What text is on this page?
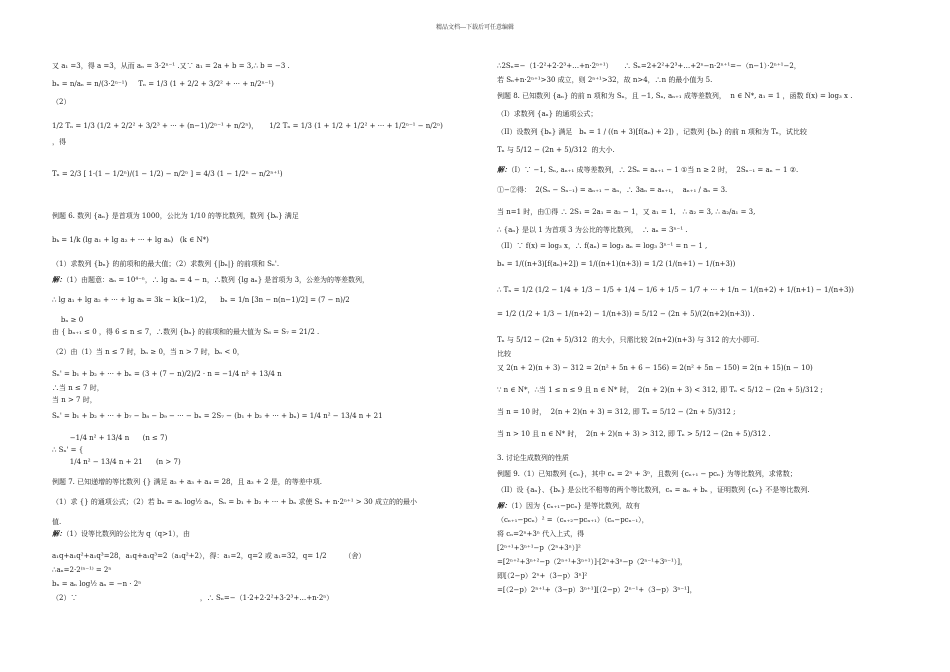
精品文档---下载后可任意编辑
又 a₁ =3，得 a =3，从而 aₙ = 3·2ⁿ⁻¹ .又∵ a₁ = 2a + b = 3,∴ b = −3 .
bₙ = n/aₙ = n/(3·2ⁿ⁻¹)     Tₙ = 1/3 (1 + 2/2 + 3/2² + ··· + n/2ⁿ⁻¹)
（2）
1/2 Tₙ = 1/3 (1/2 + 2/2² + 3/2³ + ··· + (n−1)/2ⁿ⁻¹ + n/2ⁿ)，     1/2 Tₙ = 1/3 (1 + 1/2 + 1/2² + ··· + 1/2ⁿ⁻¹ − n/2ⁿ)
，得
Tₙ = 2/3 [ 1·(1 − 1/2ⁿ)/(1 − 1/2) − n/2ⁿ ] = 4/3 (1 − 1/2ⁿ − n/2ⁿ⁺¹)
例题 6. 数列 {aₙ} 是首项为 1000，公比为 1/10 的等比数列，数列 {bₙ} 满足
bₖ = 1/k (lg a₁ + lg a₂ + ··· + lg aₖ)   (k ∈ N*)
（1）求数列 {bₙ} 的前项和的最大值；（2）求数列 {|bₙ|} 的前项和 Sₙ'.
解：（1）由题意：aₙ = 10⁴⁻ⁿ，∴ lg aₙ = 4 − n，∴数列 {lg aₙ} 是首项为 3，公差为的等差数列，
∴ lg a₁ + lg a₂ + ··· + lg aₖ = 3k − k(k−1)/2，    bₙ = 1/n [3n − n(n−1)/2] = (7 − n)/2
bₙ ≥ 0
由 { bₙ₊₁ ≤ 0 ，得 6 ≤ n ≤ 7，∴数列 {bₙ} 的前项和的最大值为 S₆ = S₇ = 21/2 .
（2）由（1）当 n ≤ 7 时，bₙ ≥ 0，当 n > 7 时，bₙ < 0，
Sₙ' = b₁ + b₂ + ··· + bₙ = (3 + (7 − n)/2)/2 · n = −1/4 n² + 13/4 n
∴当 n ≤ 7 时，
当 n > 7 时，
Sₙ' = b₁ + b₂ + ··· + b₇ − b₈ − b₉ − ··· − bₙ = 2S₇ − (b₁ + b₂ + ··· + bₙ) = 1/4 n² − 13/4 n + 21
−1/4 n² + 13/4 n      (n ≤ 7)
∴ Sₙ' = {
1/4 n² − 13/4 n + 21      (n > 7)
例题 7. 已知递增的等比数列 {} 满足 a₂ + a₃ + a₄ = 28，且 a₃ + 2 是，的等差中项.
（1）求 {} 的通项公式；（2）若 bₙ = aₙ log½ aₙ，Sₙ = b₁ + b₂ + ··· + bₙ 求使 Sₙ + n·2ⁿ⁺¹ > 30 成立的的最小
值.
解：（1）设等比数列的公比为 q（q>1），由
a₁q+a₁q²+a₁q³=28，a₁q+a₁q³=2（a₁q²+2），得：a₁=2，q=2 或 a₁=32，q= 1/2        （舍）
∴aₙ=2·2⁽ⁿ⁻¹⁾ = 2ⁿ
bₙ = aₙ log½ aₙ = −n · 2ⁿ
（2）∵                                                       ，∴ Sₙ=−（1·2+2·2²+3·2³+…+n·2ⁿ）
∴2Sₙ=−（1·2²+2·2³+…+n·2ⁿ⁺¹）     ∴ Sₙ=2+2²+2³+…+2ⁿ−n·2ⁿ⁺¹=−（n−1）·2ⁿ⁺¹−2，
若 Sₙ+n·2ⁿ⁺¹>30 成立，则 2ⁿ⁺¹>32，故 n>4，∴n 的最小值为 5.
例题 8. 已知数列 {aₙ} 的前 n 项和为 Sₙ，且 −1, Sₙ, aₙ₊₁ 成等差数列，  n ∈ N*, a₁ = 1 ，函数 f(x) = log₃ x .
（I）求数列 {aₙ} 的通项公式；
（II）设数列 {bₙ} 满足   bₙ = 1 / ((n + 3)[f(aₙ) + 2]) ，记数列 {bₙ} 的前 n 项和为 Tₙ，试比较
Tₙ 与 5/12 − (2n + 5)/312  的大小.
解：（I）∵ −1, Sₙ, aₙ₊₁ 成等差数列，∴ 2Sₙ = aₙ₊₁ − 1 ①当 n ≥ 2 时，  2Sₙ₋₁ = aₙ − 1 ②.
①−②得：  2(Sₙ − Sₙ₋₁) = aₙ₊₁ − aₙ，∴ 3aₙ = aₙ₊₁，  aₙ₊₁ / aₙ = 3.
当 n=1 时，由①得 ∴ 2S₁ = 2a₁ = a₂ − 1，又 a₁ = 1,   ∴ a₂ = 3, ∴ a₂/a₁ = 3,
∴ {aₙ} 是以 1 为首项 3 为公比的等比数列，  ∴ aₙ = 3ⁿ⁻¹ .
（II）∵ f(x) = log₃ x，∴ f(aₙ) = log₃ aₙ = log₃ 3ⁿ⁻¹ = n − 1 ,
bₙ = 1/((n+3)[f(aₙ)+2]) = 1/((n+1)(n+3)) = 1/2 (1/(n+1) − 1/(n+3))
∴ Tₙ = 1/2 (1/2 − 1/4 + 1/3 − 1/5 + 1/4 − 1/6 + 1/5 − 1/7 + ··· + 1/n − 1/(n+2) + 1/(n+1) − 1/(n+3))
= 1/2 (1/2 + 1/3 − 1/(n+2) − 1/(n+3)) = 5/12 − (2n + 5)/(2(n+2)(n+3)) .
Tₙ 与 5/12 − (2n + 5)/312  的大小，只需比较 2(n+2)(n+3) 与 312 的大小即可.
比较
又 2(n + 2)(n + 3) − 312 = 2(n² + 5n + 6 − 156) = 2(n² + 5n − 150) = 2(n + 15)(n − 10)
∵ n ∈ N*，∴当 1 ≤ n ≤ 9 且 n ∈ N* 时，  2(n + 2)(n + 3) < 312, 即 Tₙ < 5/12 − (2n + 5)/312 ;
当 n = 10 时，  2(n + 2)(n + 3) = 312, 即 Tₙ = 5/12 − (2n + 5)/312 ;
当 n > 10 且 n ∈ N* 时，  2(n + 2)(n + 3) > 312, 即 Tₙ > 5/12 − (2n + 5)/312 .
3. 讨论生成数列的性质
例题 9.（1）已知数列 {cₙ}，其中 cₙ = 2ⁿ + 3ⁿ，且数列 {cₙ₊₁ − pcₙ} 为等比数列，求常数；
（II）设 {aₙ}、{bₙ} 是公比不相等的两个等比数列，cₙ = aₙ + bₙ ，证明数列 {cₙ} 不是等比数列.
解：（1）因为 {cₙ₊₁−pcₙ} 是等比数列，故有
（cₙ₊₁−pcₙ）² =（cₙ₊₂−pcₙ₊₁）（cₙ−pcₙ₋₁），
将 cₙ=2ⁿ+3ⁿ 代入上式，得
[2ⁿ⁺¹+3ⁿ⁺¹−p（2ⁿ+3ⁿ）]²
=[2ⁿ⁺²+3ⁿ⁺²−p（2ⁿ⁺¹+3ⁿ⁺¹）]·[2ⁿ+3ⁿ−p（2ⁿ⁻¹+3ⁿ⁻¹）]，
即[（2−p）2ⁿ+（3−p）3ⁿ]²
=[（2−p）2ⁿ⁺¹+（3−p）3ⁿ⁺¹][（2−p）2ⁿ⁻¹+（3−p）3ⁿ⁻¹]，
